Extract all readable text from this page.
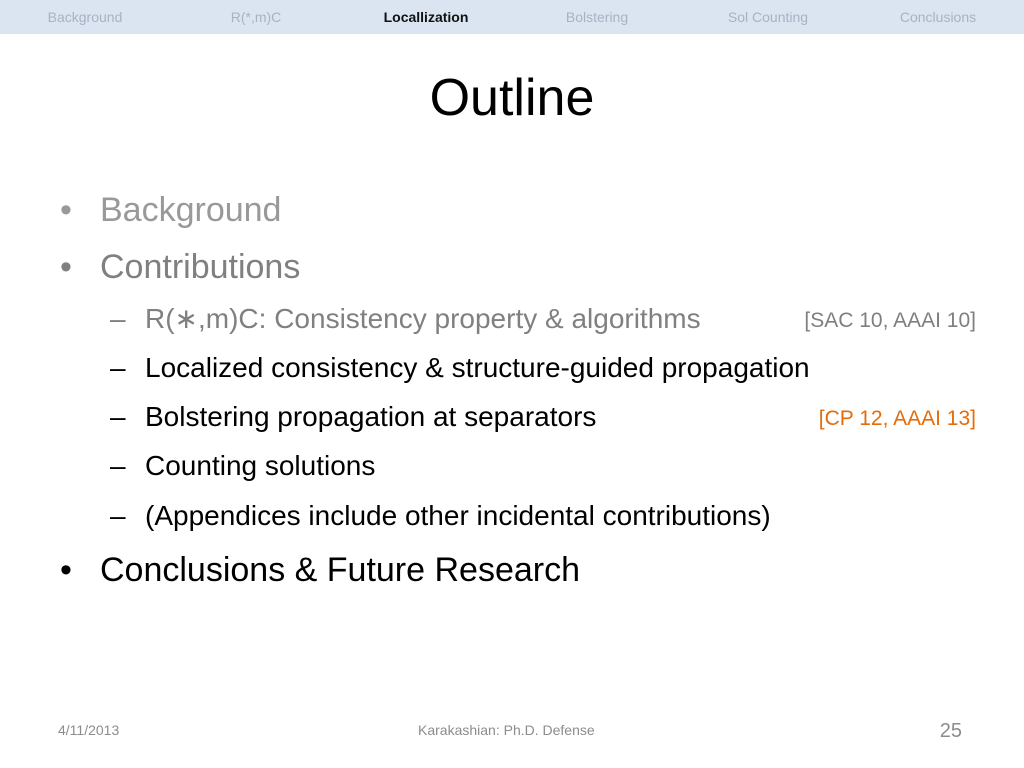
Background	R(*,m)C	Locallization	Bolstering	Sol Counting	Conclusions
Outline
• Background
• Contributions
– R(∗,m)C: Consistency property & algorithms	[SAC 10, AAAI 10]
– Localized consistency & structure-guided propagation
– Bolstering propagation at separators	[CP 12, AAAI 13]
– Counting solutions
– (Appendices include other incidental contributions)
• Conclusions & Future Research
4/11/2013	Karakashian: Ph.D. Defense	25
